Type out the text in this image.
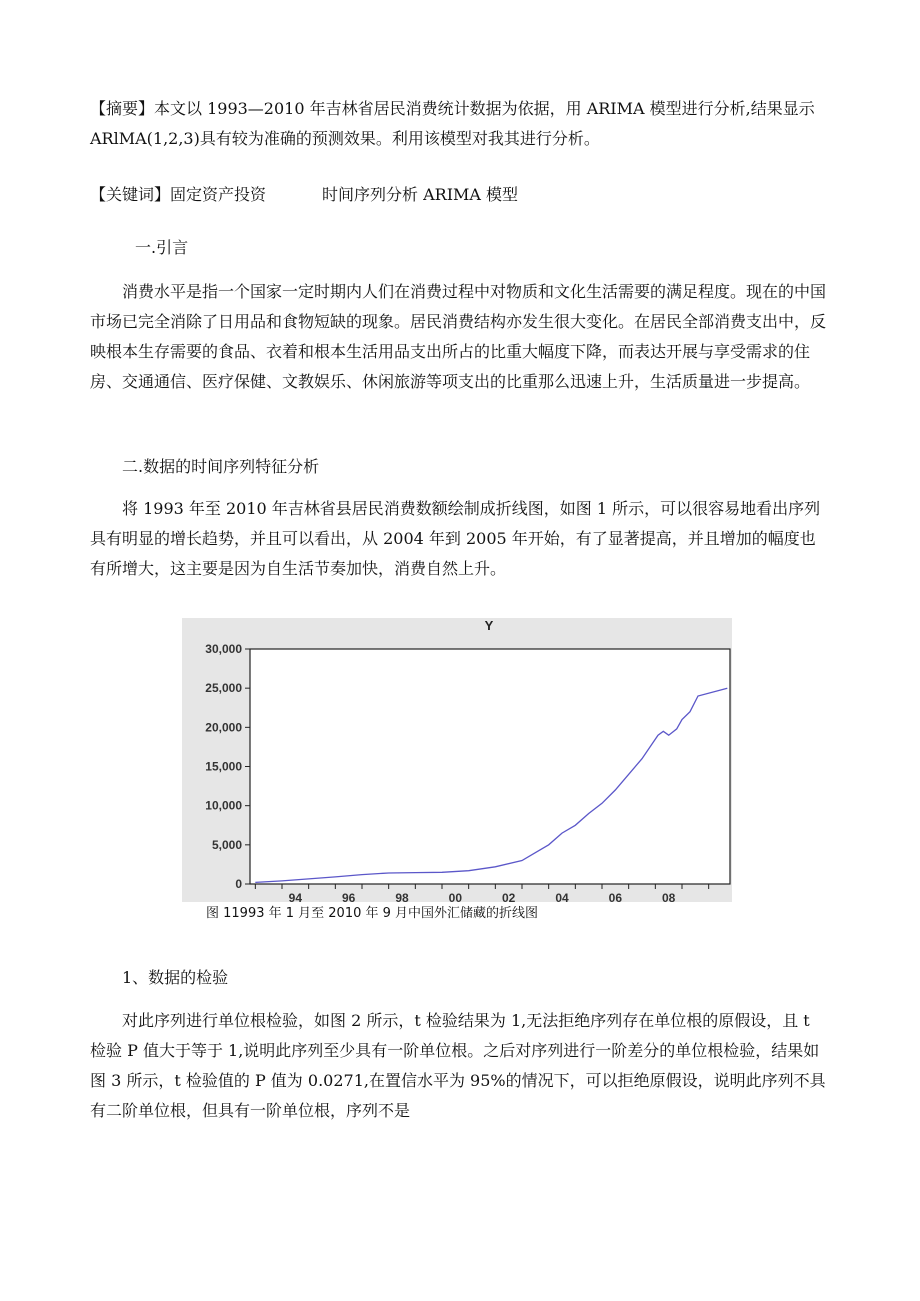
【摘要】本文以 1993—2010 年吉林省居民消费统计数据为依据，用 ARIMA 模型进行分析,结果显示
ARlMA(1,2,3)具有较为准确的预测效果。利用该模型对我其进行分析。

【关键词】固定资产投资	时间序列分析 ARIMA 模型

一.引言

消费水平是指一个国家一定时期内人们在消费过程中对物质和文化生活需要的满足程度。现在的中国市场已完全消除了日用品和食物短缺的现象。居民消费结构亦发生很大变化。在居民全部消费支出中，反映根本生存需要的食品、衣着和根本生活用品支出所占的比重大幅度下降，而表达开展与享受需求的住房、交通通信、医疗保健、文教娱乐、休闲旅游等项支出的比重那么迅速上升，生活质量进一步提高。

二.数据的时间序列特征分析

将 1993 年至 2010 年吉林省县居民消费数额绘制成折线图，如图 1 所示，可以很容易地看出序列具有明显的增长趋势，并且可以看出，从 2004 年到 2005 年开始，有了显著提高，并且增加的幅度也有所增大，这主要是因为自生活节奏加快，消费自然上升。

Y
0
5,000
10,000
15,000
20,000
25,000
30,000
94	96	98	00	02	04	06	08
图 11993 年 1 月至 2010 年 9 月中国外汇储藏的折线图

1、数据的检验

对此序列进行单位根检验，如图 2 所示，t 检验结果为 1,无法拒绝序列存在单位根的原假设，且 t 检验 P 值大于等于 1,说明此序列至少具有一阶单位根。之后对序列进行一阶差分的单位根检验，结果如图 3 所示，t 检验值的 P 值为 0.0271,在置信水平为 95%的情况下，可以拒绝原假设，说明此序列不具有二阶单位根，但具有一阶单位根，序列不是
